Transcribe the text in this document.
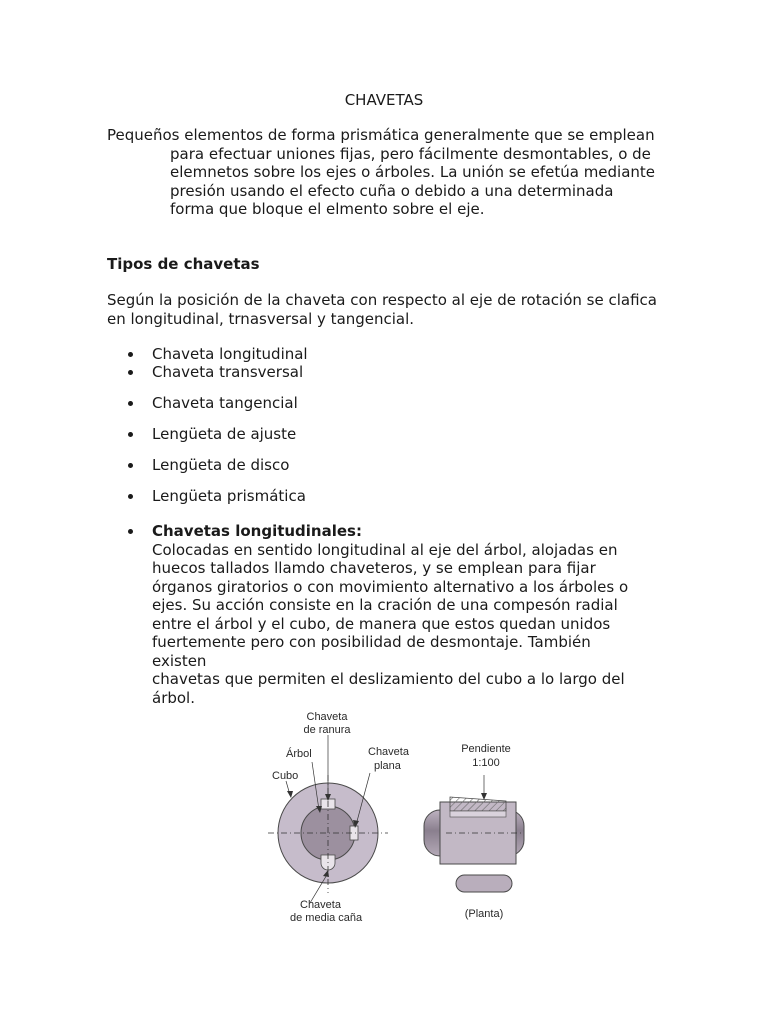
CHAVETAS
Pequeños elementos de forma prismática generalmente que se emplean
para efectuar uniones fijas, pero fácilmente desmontables, o de
elemnetos sobre los ejes o árboles. La unión se efetúa mediante
presión usando el efecto cuña o debido a una determinada
forma que bloque el elmento sobre el eje.
Tipos de chavetas
Según la posición de la chaveta con respecto al eje de rotación se clafica
en longitudinal, trnasversal y tangencial.
Chaveta longitudinal
Chaveta transversal
Chaveta tangencial
Lengüeta de ajuste
Lengüeta de disco
Lengüeta prismática
Chavetas longitudinales:
Colocadas en sentido longitudinal al eje del árbol, alojadas en
huecos tallados llamdo chaveteros, y se emplean para fijar
órganos giratorios o con movimiento alternativo a los árboles o
ejes. Su acción consiste en la cración de una compesón radial
entre el árbol y el cubo, de manera que estos quedan unidos
fuertemente pero con posibilidad de desmontaje. También existen
chavetas que permiten el deslizamiento del cubo a lo largo del
árbol.
Chaveta
de ranura
Árbol	Chaveta
plana
Cubo
Chaveta
de media caña
Pendiente
1:100
(Planta)
